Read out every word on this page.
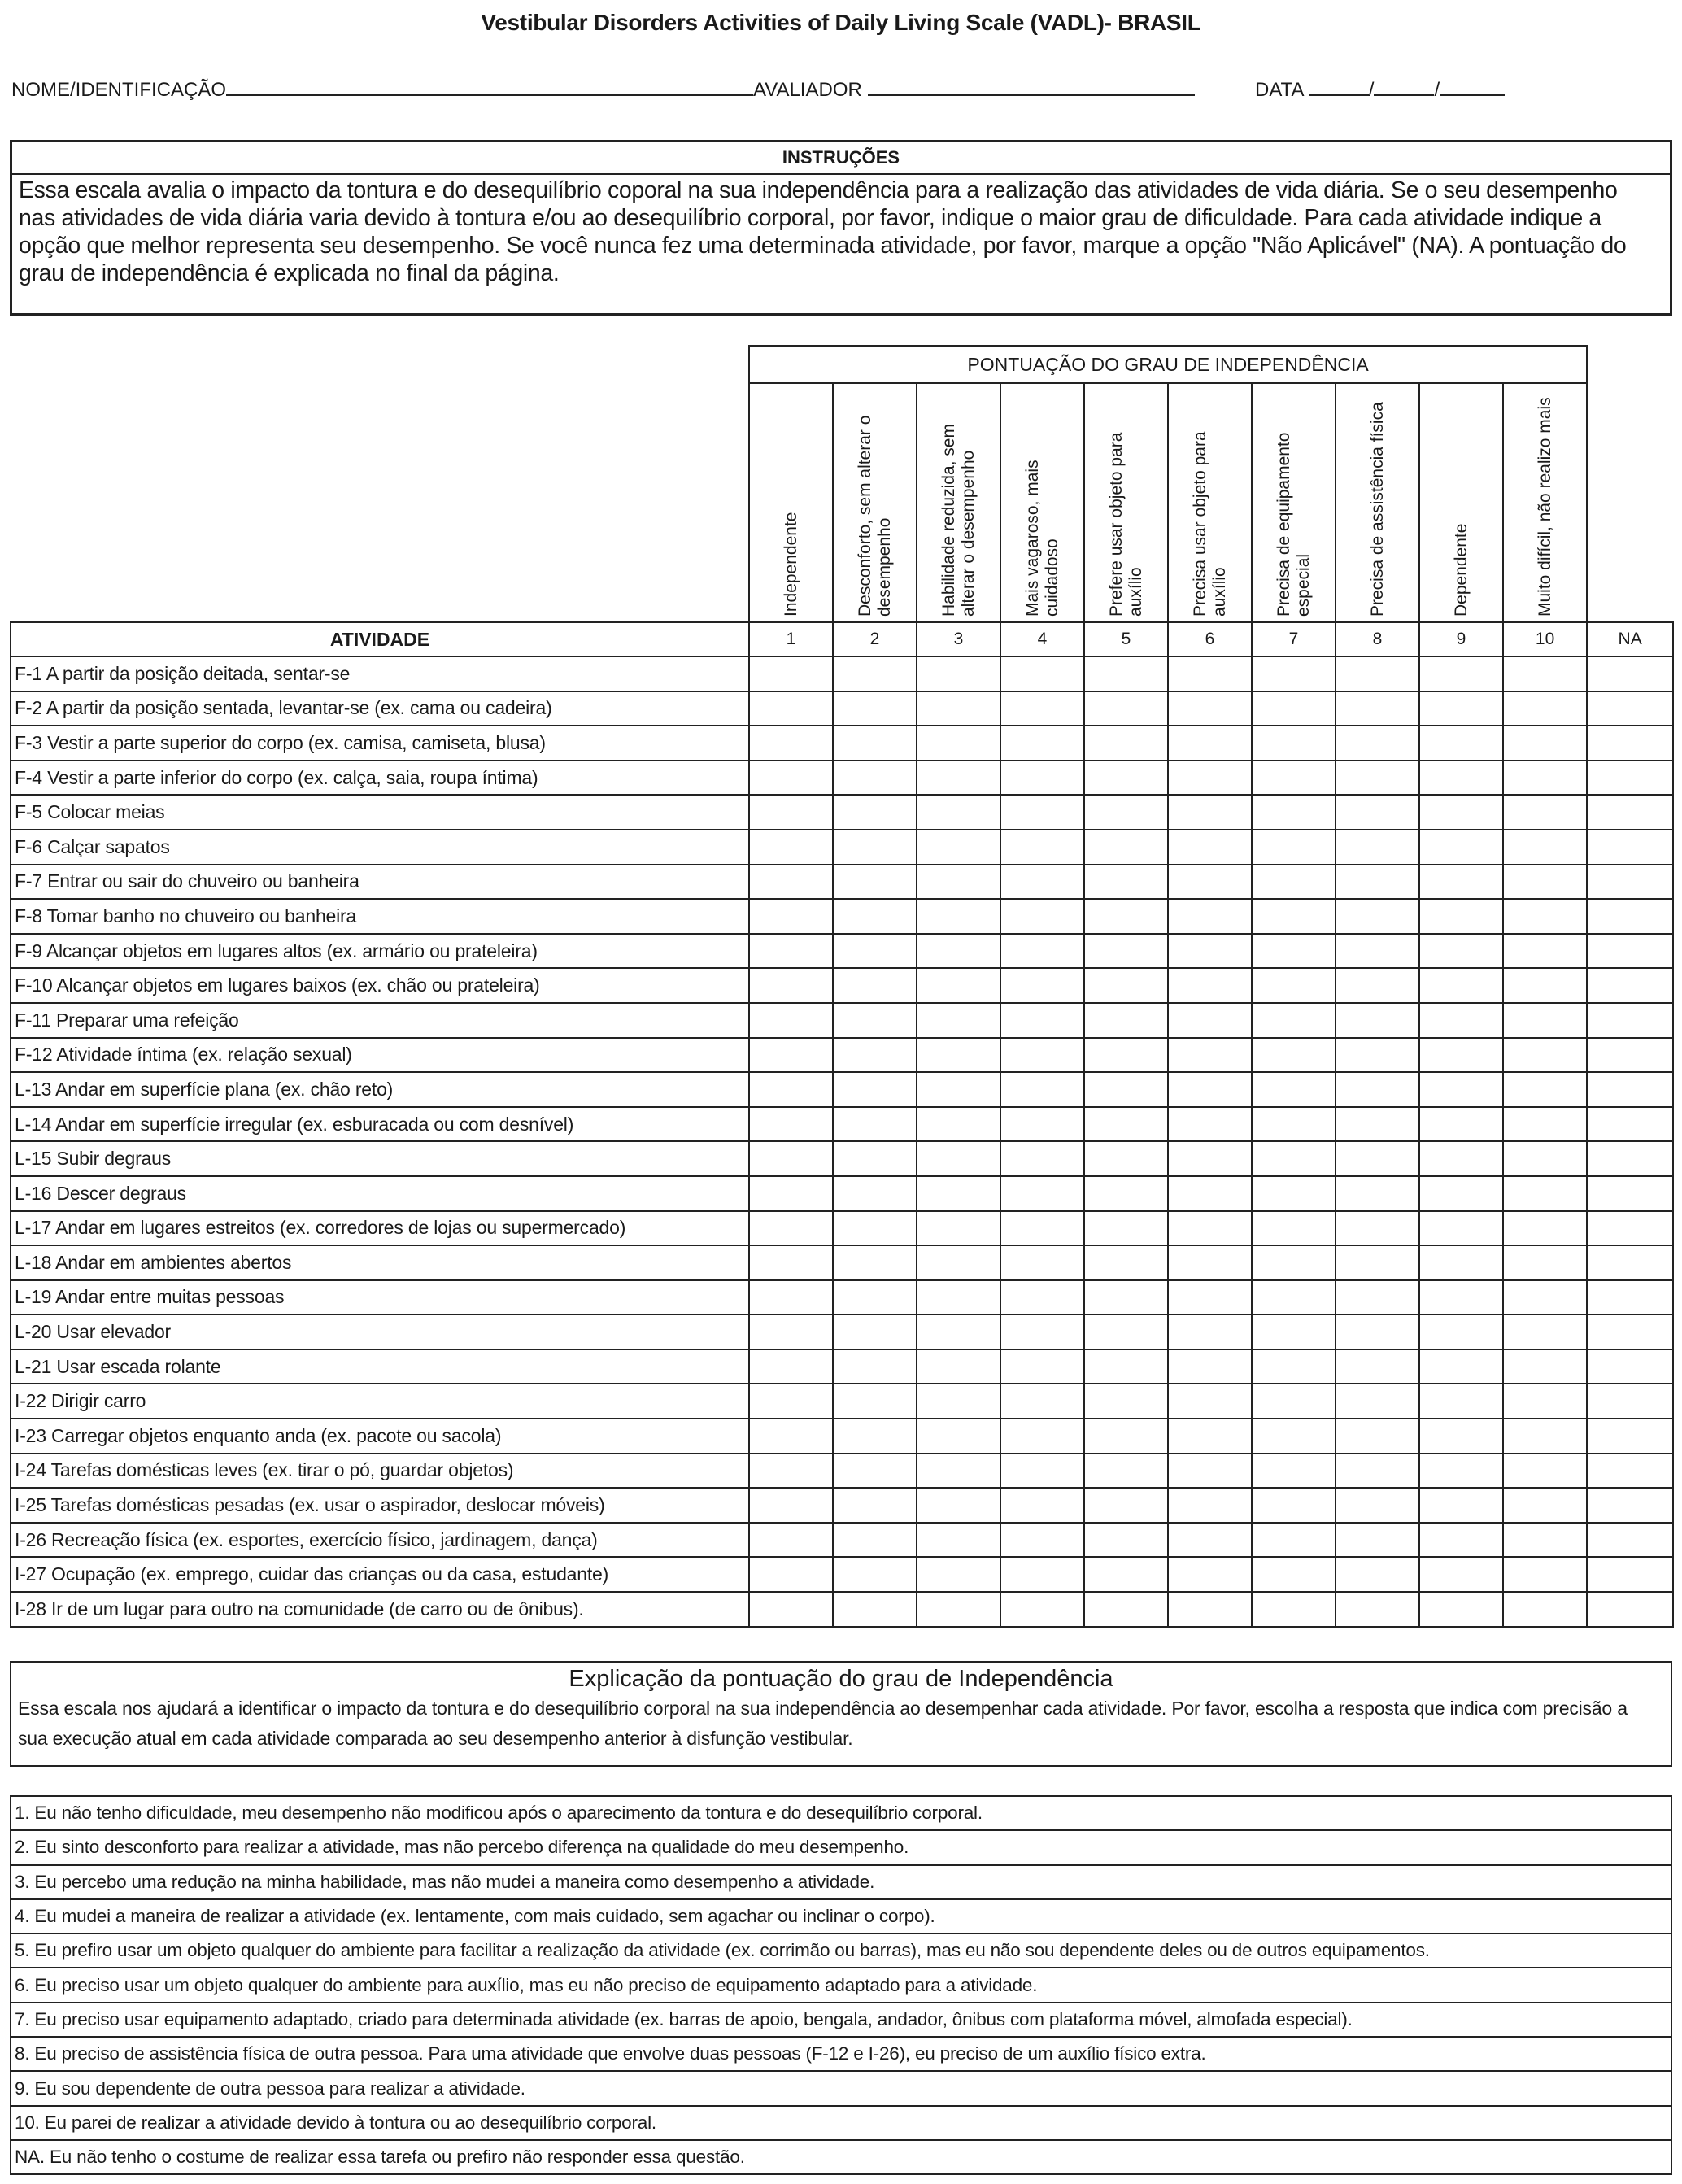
Vestibular Disorders Activities of Daily Living Scale (VADL)- BRASIL
NOME/IDENTIFICAÇÃO	AVALIADOR	DATA	/	/
INSTRUÇÕES
Essa escala avalia o impacto da tontura e do desequilíbrio coporal na sua independência para a realização das atividades de vida diária. Se o seu desempenho
nas atividades de vida diária varia devido à tontura e/ou ao desequilíbrio corporal, por favor, indique o maior grau de dificuldade. Para cada atividade indique a
opção que melhor representa seu desempenho. Se você nunca fez uma determinada atividade, por favor, marque a opção "Não Aplicável" (NA). A pontuação do
grau de independência é explicada no final da página.
	PONTUAÇÃO DO GRAU DE INDEPENDÊNCIA										

	Independente	Desconforto, sem alterar o desempenho	Habilidade reduzida, sem alterar o desempenho	Mais vagaroso, mais cuidadoso	Prefere usar objeto para auxílio	Precisa usar objeto para auxílio	Precisa de equipamento especial	Precisa de assistência física	Dependente	Muito difícil, não realizo mais	

ATIVIDADE	1	2	3	4	5	6	7	8	9	10	NA
F-1 A partir da posição deitada, sentar-se											
F-2 A partir da posição sentada, levantar-se (ex. cama ou cadeira)											
F-3 Vestir a parte superior do corpo (ex. camisa, camiseta, blusa)											
F-4 Vestir a parte inferior do corpo (ex. calça, saia, roupa íntima)											
F-5 Colocar meias											
F-6 Calçar sapatos											
F-7 Entrar ou sair do chuveiro ou banheira											
F-8 Tomar banho no chuveiro ou banheira											
F-9 Alcançar objetos em lugares altos (ex. armário ou prateleira)											
F-10 Alcançar objetos em lugares baixos (ex. chão ou prateleira)											
F-11 Preparar uma refeição											
F-12 Atividade íntima (ex. relação sexual)											
L-13 Andar em superfície plana (ex. chão reto)											
L-14 Andar em superfície irregular (ex. esburacada ou com desnível)											
L-15 Subir degraus											
L-16 Descer degraus											
L-17 Andar em lugares estreitos (ex. corredores de lojas ou supermercado)											
L-18 Andar em ambientes abertos											
L-19 Andar entre muitas pessoas											
L-20 Usar elevador											
L-21 Usar escada rolante											
I-22 Dirigir carro											
I-23 Carregar objetos enquanto anda (ex. pacote ou sacola)											
I-24 Tarefas domésticas leves (ex. tirar o pó, guardar objetos)											
I-25 Tarefas domésticas pesadas (ex. usar o aspirador, deslocar móveis)											
I-26 Recreação física (ex. esportes, exercício físico, jardinagem, dança)											
I-27 Ocupação (ex. emprego, cuidar das crianças ou da casa, estudante)											
I-28 Ir de um lugar para outro na comunidade (de carro ou de ônibus).											
Explicação da pontuação do grau de Independência
Essa escala nos ajudará a identificar o impacto da tontura e do desequilíbrio corporal na sua independência ao desempenhar cada atividade. Por favor, escolha a resposta que indica com precisão a
sua execução atual em cada atividade comparada ao seu desempenho anterior à disfunção vestibular.
1. Eu não tenho dificuldade, meu desempenho não modificou após o aparecimento da tontura e do desequilíbrio corporal.
2. Eu sinto desconforto para realizar a atividade, mas não percebo diferença na qualidade do meu desempenho.
3. Eu percebo uma redução na minha habilidade, mas não mudei a maneira como desempenho a atividade.
4. Eu mudei a maneira de realizar a atividade (ex. lentamente, com mais cuidado, sem agachar ou inclinar o corpo).
5. Eu prefiro usar um objeto qualquer do ambiente para facilitar a realização da atividade (ex. corrimão ou barras), mas eu não sou dependente deles ou de outros equipamentos.
6. Eu preciso usar um objeto qualquer do ambiente para auxílio, mas eu não preciso de equipamento adaptado para a atividade.
7. Eu preciso usar equipamento adaptado, criado para determinada atividade (ex. barras de apoio, bengala, andador, ônibus com plataforma móvel, almofada especial).
8. Eu preciso de assistência física de outra pessoa. Para uma atividade que envolve duas pessoas (F-12 e I-26), eu preciso de um auxílio físico extra.
9. Eu sou dependente de outra pessoa para realizar a atividade.
10. Eu parei de realizar a atividade devido à tontura ou ao desequilíbrio corporal.
NA. Eu não tenho o costume de realizar essa tarefa ou prefiro não responder essa questão.
